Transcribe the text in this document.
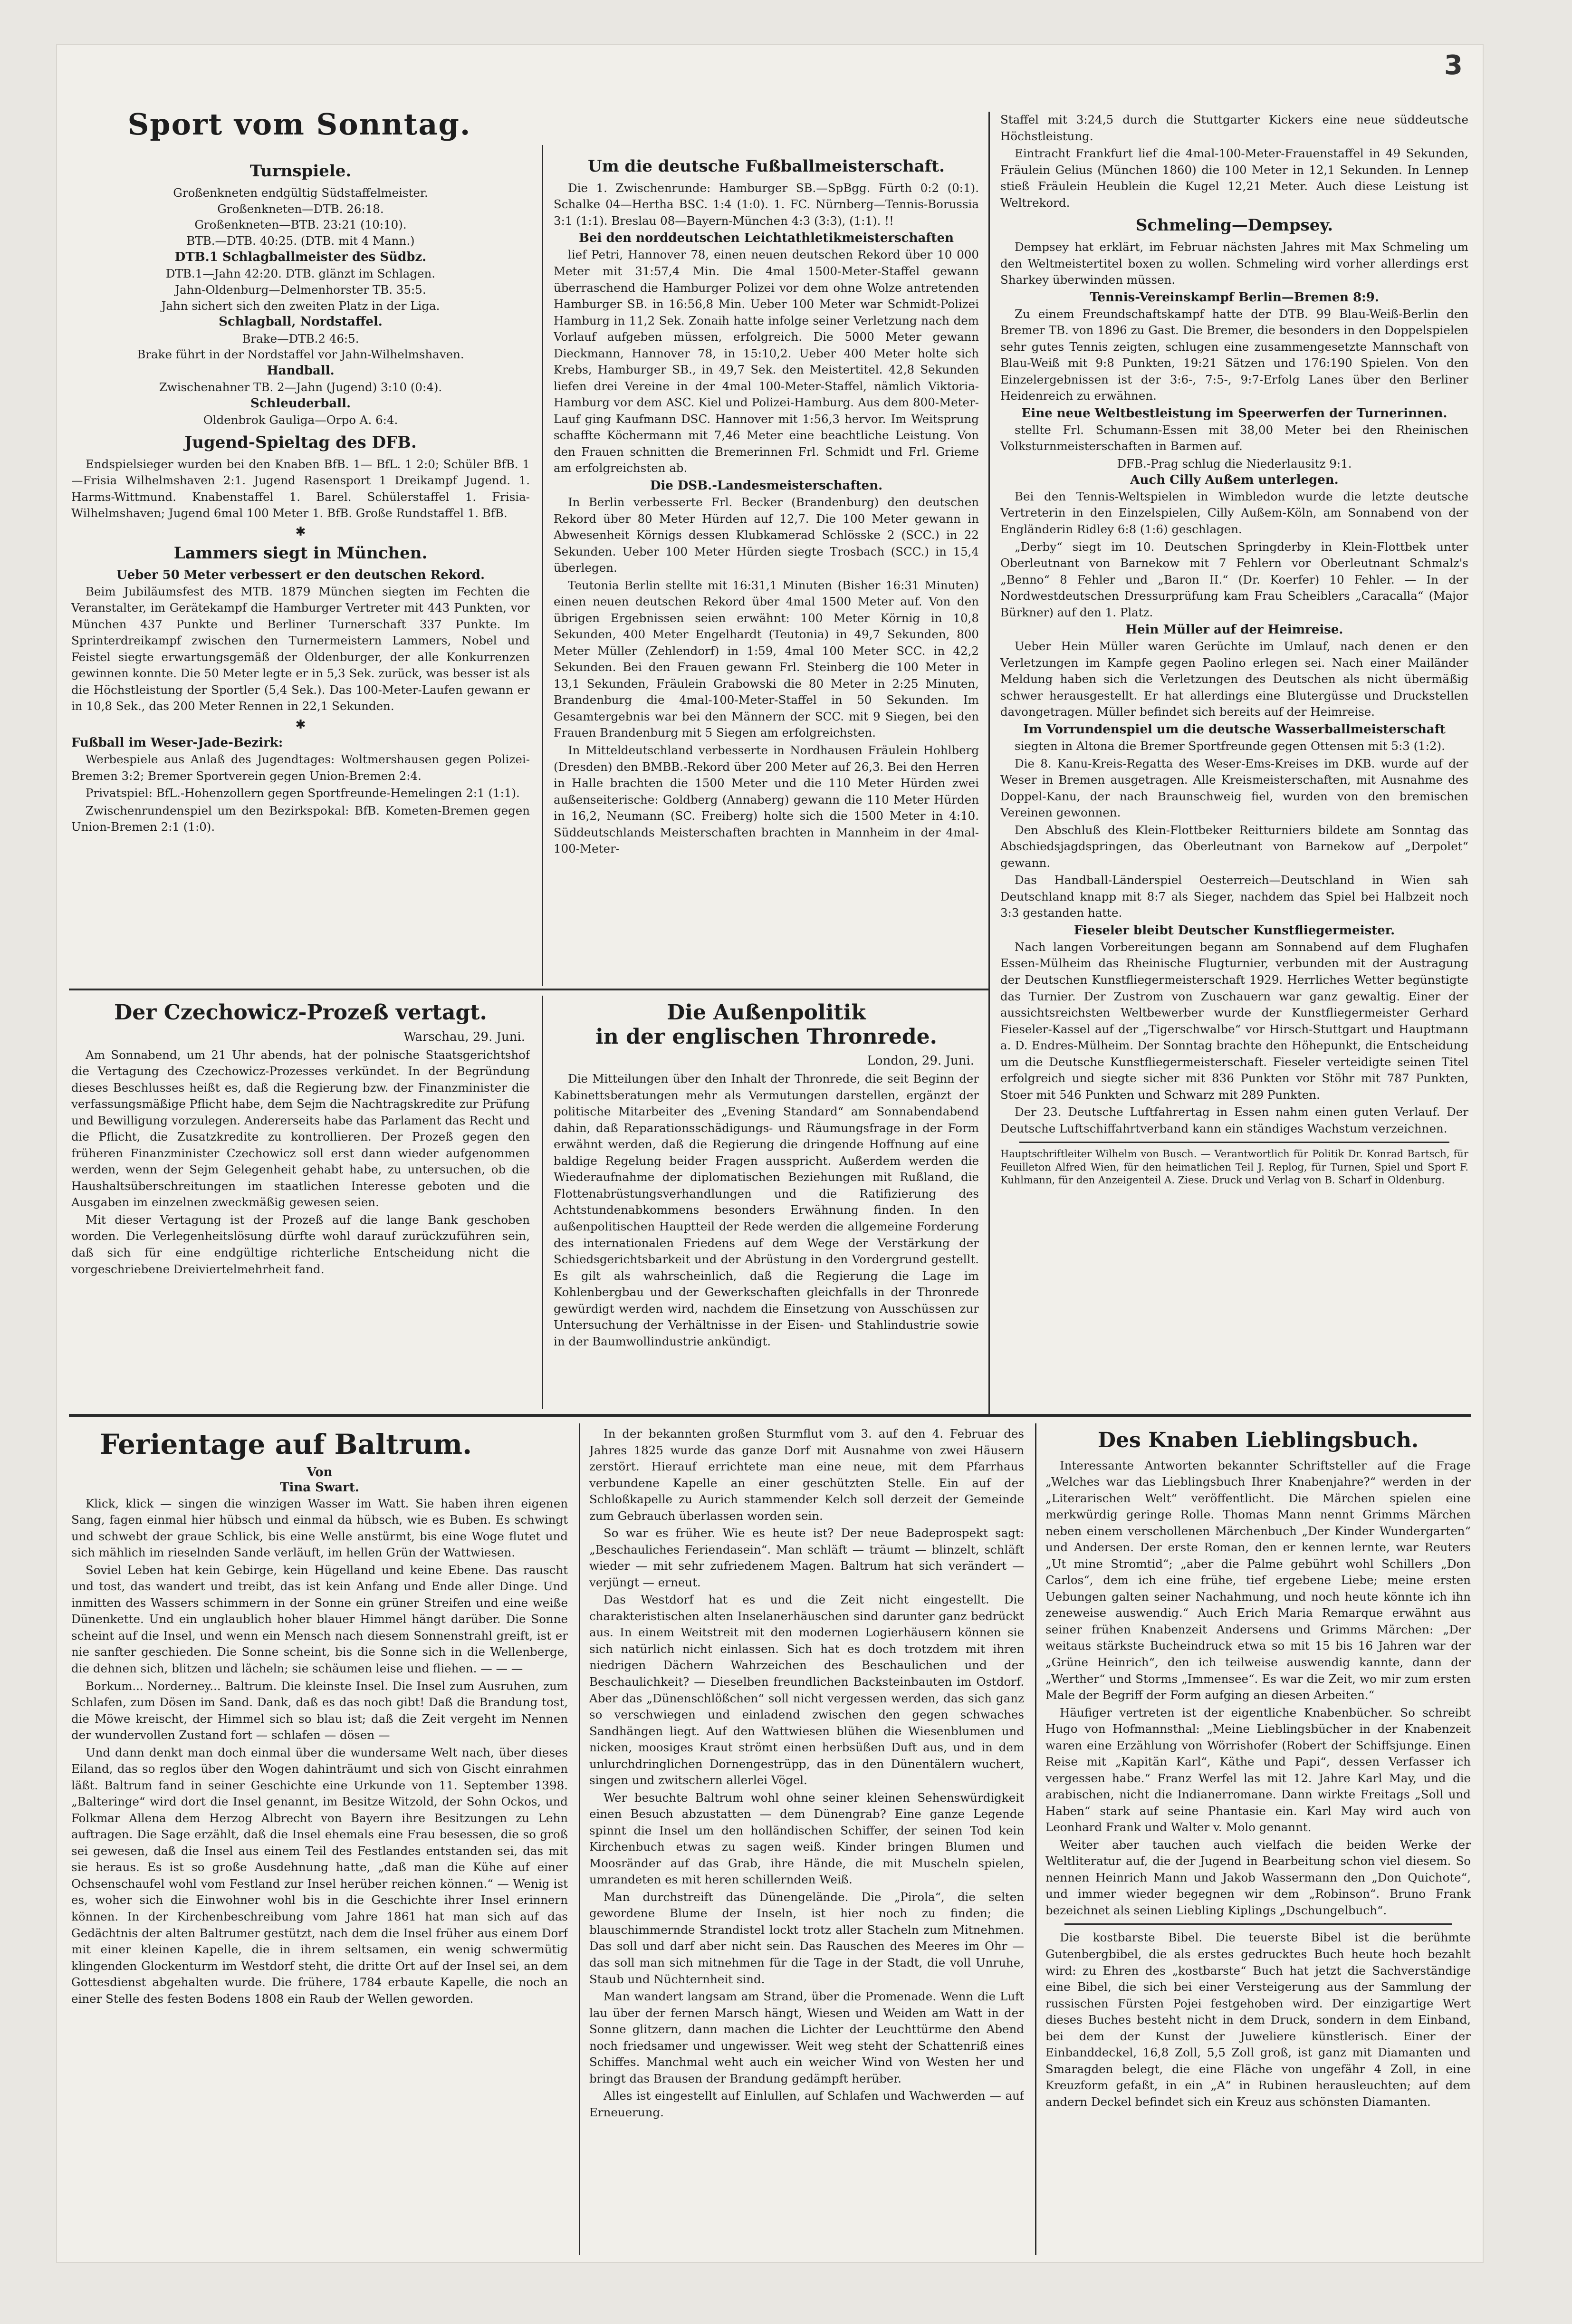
3
Sport vom Sonntag.
Turnspiele.
Großenkneten endgültig Südstaffelmeister.
Großenkneten—DTB. 26:18.
Großenkneten—BTB. 23:21 (10:10).
BTB.—DTB. 40:25. (DTB. mit 4 Mann.)
DTB.1 Schlagballmeister des Südbz.
DTB.1—Jahn 42:20. DTB. glänzt im Schlagen.
Jahn-Oldenburg—Delmenhorster TB. 35:5.
Jahn sichert sich den zweiten Platz in der Liga.
Schlagball, Nordstaffel.
Brake—DTB.2 46:5.
Brake führt in der Nordstaffel vor Jahn-Wilhelmshaven.
Handball.
Zwischenahner TB. 2—Jahn (Jugend) 3:10 (0:4).
Schleuderball.
Oldenbrok Gauliga—Orpo A. 6:4.
Jugend-Spieltag des DFB.

Endspielsieger wurden bei den Knaben BfB. 1— BfL. 1 2:0; Schüler BfB. 1—Frisia Wilhelmshaven 2:1. Jugend Rasensport 1 Dreikampf Jugend. 1. Harms-Wittmund. Knabenstaffel 1. Barel. Schülerstaffel 1. Frisia-Wilhelmshaven; Jugend 6mal 100 Meter 1. BfB. Große Rundstaffel 1. BfB.

✱
Lammers siegt in München.
Ueber 50 Meter verbessert er den deutschen Rekord.

Beim Jubiläumsfest des MTB. 1879 München siegten im Fechten die Veranstalter, im Gerätekampf die Hamburger Vertreter mit 443 Punkten, vor München 437 Punkte und Berliner Turnerschaft 337 Punkte. Im Sprinterdreikampf zwischen den Turnermeistern Lammers, Nobel und Feistel siegte erwartungsgemäß der Oldenburger, der alle Konkurrenzen gewinnen konnte. Die 50 Meter legte er in 5,3 Sek. zurück, was besser ist als die Höchstleistung der Sportler (5,4 Sek.). Das 100-Meter-Laufen gewann er in 10,8 Sek., das 200 Meter Rennen in 22,1 Sekunden.

✱
Fußball im Weser-Jade-Bezirk:

Werbespiele aus Anlaß des Jugendtages: Woltmershausen gegen Polizei-Bremen 3:2; Bremer Sportverein gegen Union-Bremen 2:4.

Privatspiel: BfL.-Hohenzollern gegen Sportfreunde-Hemelingen 2:1 (1:1).

Zwischenrundenspiel um den Bezirkspokal: BfB. Kometen-Bremen gegen Union-Bremen 2:1 (1:0).

Um die deutsche Fußballmeisterschaft.

Die 1. Zwischenrunde: Hamburger SB.—SpBgg. Fürth 0:2 (0:1). Schalke 04—Hertha BSC. 1:4 (1:0). 1. FC. Nürnberg—Tennis-Borussia 3:1 (1:1). Breslau 08—Bayern-München 4:3 (3:3), (1:1). !!

Bei den norddeutschen Leichtathletikmeisterschaften

lief Petri, Hannover 78, einen neuen deutschen Rekord über 10 000 Meter mit 31:57,4 Min. Die 4mal 1500-Meter-Staffel gewann überraschend die Hamburger Polizei vor dem ohne Wolze antretenden Hamburger SB. in 16:56,8 Min. Ueber 100 Meter war Schmidt-Polizei Hamburg in 11,2 Sek. Zonaih hatte infolge seiner Verletzung nach dem Vorlauf aufgeben müssen, erfolgreich. Die 5000 Meter gewann Dieckmann, Hannover 78, in 15:10,2. Ueber 400 Meter holte sich Krebs, Hamburger SB., in 49,7 Sek. den Meistertitel. 42,8 Sekunden liefen drei Vereine in der 4mal 100-Meter-Staffel, nämlich Viktoria-Hamburg vor dem ASC. Kiel und Polizei-Hamburg. Aus dem 800-Meter-Lauf ging Kaufmann DSC. Hannover mit 1:56,3 hervor. Im Weitsprung schaffte Köchermann mit 7,46 Meter eine beachtliche Leistung. Von den Frauen schnitten die Bremerinnen Frl. Schmidt und Frl. Grieme am erfolgreichsten ab.

Die DSB.-Landesmeisterschaften.

In Berlin verbesserte Frl. Becker (Brandenburg) den deutschen Rekord über 80 Meter Hürden auf 12,7. Die 100 Meter gewann in Abwesenheit Körnigs dessen Klubkamerad Schlösske 2 (SCC.) in 22 Sekunden. Ueber 100 Meter Hürden siegte Trosbach (SCC.) in 15,4 überlegen.

Teutonia Berlin stellte mit 16:31,1 Minuten (Bisher 16:31 Minuten) einen neuen deutschen Rekord über 4mal 1500 Meter auf. Von den übrigen Ergebnissen seien erwähnt: 100 Meter Körnig in 10,8 Sekunden, 400 Meter Engelhardt (Teutonia) in 49,7 Sekunden, 800 Meter Müller (Zehlendorf) in 1:59, 4mal 100 Meter SCC. in 42,2 Sekunden. Bei den Frauen gewann Frl. Steinberg die 100 Meter in 13,1 Sekunden, Fräulein Grabowski die 80 Meter in 2:25 Minuten, Brandenburg die 4mal-100-Meter-Staffel in 50 Sekunden. Im Gesamtergebnis war bei den Männern der SCC. mit 9 Siegen, bei den Frauen Brandenburg mit 5 Siegen am erfolgreichsten.

In Mitteldeutschland verbesserte in Nordhausen Fräulein Hohlberg (Dresden) den BMBB.-Rekord über 200 Meter auf 26,3. Bei den Herren in Halle brachten die 1500 Meter und die 110 Meter Hürden zwei außenseiterische: Goldberg (Annaberg) gewann die 110 Meter Hürden in 16,2, Neumann (SC. Freiberg) holte sich die 1500 Meter in 4:10. Süddeutschlands Meisterschaften brachten in Mannheim in der 4mal-100-Meter-

Staffel mit 3:24,5 durch die Stuttgarter Kickers eine neue süddeutsche Höchstleistung.

Eintracht Frankfurt lief die 4mal-100-Meter-Frauenstaffel in 49 Sekunden, Fräulein Gelius (München 1860) die 100 Meter in 12,1 Sekunden. In Lennep stieß Fräulein Heublein die Kugel 12,21 Meter. Auch diese Leistung ist Weltrekord.

Schmeling—Dempsey.

Dempsey hat erklärt, im Februar nächsten Jahres mit Max Schmeling um den Weltmeistertitel boxen zu wollen. Schmeling wird vorher allerdings erst Sharkey überwinden müssen.

Tennis-Vereinskampf Berlin—Bremen 8:9.

Zu einem Freundschaftskampf hatte der DTB. 99 Blau-Weiß-Berlin den Bremer TB. von 1896 zu Gast. Die Bremer, die besonders in den Doppelspielen sehr gutes Tennis zeigten, schlugen eine zusammengesetzte Mannschaft von Blau-Weiß mit 9:8 Punkten, 19:21 Sätzen und 176:190 Spielen. Von den Einzelergebnissen ist der 3:6-, 7:5-, 9:7-Erfolg Lanes über den Berliner Heidenreich zu erwähnen.

Eine neue Weltbestleistung im Speerwerfen der Turnerinnen.

stellte Frl. Schumann-Essen mit 38,00 Meter bei den Rheinischen Volksturnmeisterschaften in Barmen auf.

DFB.-Prag schlug die Niederlausitz 9:1.
Auch Cilly Außem unterlegen.

Bei den Tennis-Weltspielen in Wimbledon wurde die letzte deutsche Vertreterin in den Einzelspielen, Cilly Außem-Köln, am Sonnabend von der Engländerin Ridley 6:8 (1:6) geschlagen.

„Derby“ siegt im 10. Deutschen Springderby in Klein-Flottbek unter Oberleutnant von Barnekow mit 7 Fehlern vor Oberleutnant Schmalz's „Benno“ 8 Fehler und „Baron II.“ (Dr. Koerfer) 10 Fehler. — In der Nordwestdeutschen Dressurprüfung kam Frau Scheiblers „Caracalla“ (Major Bürkner) auf den 1. Platz.

Hein Müller auf der Heimreise.

Ueber Hein Müller waren Gerüchte im Umlauf, nach denen er den Verletzungen im Kampfe gegen Paolino erlegen sei. Nach einer Mailänder Meldung haben sich die Verletzungen des Deutschen als nicht übermäßig schwer herausgestellt. Er hat allerdings eine Blutergüsse und Druckstellen davongetragen. Müller befindet sich bereits auf der Heimreise.

Im Vorrundenspiel um die deutsche Wasserballmeisterschaft

siegten in Altona die Bremer Sportfreunde gegen Ottensen mit 5:3 (1:2).

Die 8. Kanu-Kreis-Regatta des Weser-Ems-Kreises im DKB. wurde auf der Weser in Bremen ausgetragen. Alle Kreismeisterschaften, mit Ausnahme des Doppel-Kanu, der nach Braunschweig fiel, wurden von den bremischen Vereinen gewonnen.

Den Abschluß des Klein-Flottbeker Reitturniers bildete am Sonntag das Abschiedsjagdspringen, das Oberleutnant von Barnekow auf „Derpolet“ gewann.

Das Handball-Länderspiel Oesterreich—Deutschland in Wien sah Deutschland knapp mit 8:7 als Sieger, nachdem das Spiel bei Halbzeit noch 3:3 gestanden hatte.

Fieseler bleibt Deutscher Kunstfliegermeister.

Nach langen Vorbereitungen begann am Sonnabend auf dem Flughafen Essen-Mülheim das Rheinische Flugturnier, verbunden mit der Austragung der Deutschen Kunstfliegermeisterschaft 1929. Herrliches Wetter begünstigte das Turnier. Der Zustrom von Zuschauern war ganz gewaltig. Einer der aussichtsreichsten Weltbewerber wurde der Kunstfliegermeister Gerhard Fieseler-Kassel auf der „Tigerschwalbe“ vor Hirsch-Stuttgart und Hauptmann a. D. Endres-Mülheim. Der Sonntag brachte den Höhepunkt, die Entscheidung um die Deutsche Kunstfliegermeisterschaft. Fieseler verteidigte seinen Titel erfolgreich und siegte sicher mit 836 Punkten vor Stöhr mit 787 Punkten, Stoer mit 546 Punkten und Schwarz mit 289 Punkten.

Der 23. Deutsche Luftfahrertag in Essen nahm einen guten Verlauf. Der Deutsche Luftschiffahrtverband kann ein ständiges Wachstum verzeichnen.

Hauptschriftleiter Wilhelm von Busch. — Verantwortlich für Politik Dr. Konrad Bartsch, für Feuilleton Alfred Wien, für den heimatlichen Teil J. Replog, für Turnen, Spiel und Sport F. Kuhlmann, für den Anzeigenteil A. Ziese. Druck und Verlag von B. Scharf in Oldenburg.

Der Czechowicz-Prozeß vertagt.
Warschau, 29. Juni.

Am Sonnabend, um 21 Uhr abends, hat der polnische Staatsgerichtshof die Vertagung des Czechowicz-Prozesses verkündet. In der Begründung dieses Beschlusses heißt es, daß die Regierung bzw. der Finanzminister die verfassungsmäßige Pflicht habe, dem Sejm die Nachtragskredite zur Prüfung und Bewilligung vorzulegen. Andererseits habe das Parlament das Recht und die Pflicht, die Zusatzkredite zu kontrollieren. Der Prozeß gegen den früheren Finanzminister Czechowicz soll erst dann wieder aufgenommen werden, wenn der Sejm Gelegenheit gehabt habe, zu untersuchen, ob die Haushaltsüberschreitungen im staatlichen Interesse geboten und die Ausgaben im einzelnen zweckmäßig gewesen seien.

Mit dieser Vertagung ist der Prozeß auf die lange Bank geschoben worden. Die Verlegenheitslösung dürfte wohl darauf zurückzuführen sein, daß sich für eine endgültige richterliche Entscheidung nicht die vorgeschriebene Dreiviertelmehrheit fand.

Die Außenpolitik
in der englischen Thronrede.
London, 29. Juni.

Die Mitteilungen über den Inhalt der Thronrede, die seit Beginn der Kabinettsberatungen mehr als Vermutungen darstellen, ergänzt der politische Mitarbeiter des „Evening Standard“ am Sonnabendabend dahin, daß Reparationsschädigungs- und Räumungsfrage in der Form erwähnt werden, daß die Regierung die dringende Hoffnung auf eine baldige Regelung beider Fragen ausspricht. Außerdem werden die Wiederaufnahme der diplomatischen Beziehungen mit Rußland, die Flottenabrüstungsverhandlungen und die Ratifizierung des Achtstundenabkommens besonders Erwähnung finden. In den außenpolitischen Hauptteil der Rede werden die allgemeine Forderung des internationalen Friedens auf dem Wege der Verstärkung der Schiedsgerichtsbarkeit und der Abrüstung in den Vordergrund gestellt. Es gilt als wahrscheinlich, daß die Regierung die Lage im Kohlenbergbau und der Gewerkschaften gleichfalls in der Thronrede gewürdigt werden wird, nachdem die Einsetzung von Ausschüssen zur Untersuchung der Verhältnisse in der Eisen- und Stahlindustrie sowie in der Baumwollindustrie ankündigt.

Ferientage auf Baltrum.
Von
Tina Swart.

Klick, klick — singen die winzigen Wasser im Watt. Sie haben ihren eigenen Sang, fagen einmal hier hübsch und einmal da hübsch, wie es Buben. Es schwingt und schwebt der graue Schlick, bis eine Welle anstürmt, bis eine Woge flutet und sich mählich im rieselnden Sande verläuft, im hellen Grün der Wattwiesen.

Soviel Leben hat kein Gebirge, kein Hügelland und keine Ebene. Das rauscht und tost, das wandert und treibt, das ist kein Anfang und Ende aller Dinge. Und inmitten des Wassers schimmern in der Sonne ein grüner Streifen und eine weiße Dünenkette. Und ein unglaublich hoher blauer Himmel hängt darüber. Die Sonne scheint auf die Insel, und wenn ein Mensch nach diesem Sonnenstrahl greift, ist er nie sanfter geschieden. Die Sonne scheint, bis die Sonne sich in die Wellenberge, die dehnen sich, blitzen und lächeln; sie schäumen leise und fliehen. — — —

Borkum... Norderney... Baltrum. Die kleinste Insel. Die Insel zum Ausruhen, zum Schlafen, zum Dösen im Sand. Dank, daß es das noch gibt! Daß die Brandung tost, die Möwe kreischt, der Himmel sich so blau ist; daß die Zeit vergeht im Nennen der wundervollen Zustand fort — schlafen — dösen —

Und dann denkt man doch einmal über die wundersame Welt nach, über dieses Eiland, das so reglos über den Wogen dahinträumt und sich von Gischt einrahmen läßt. Baltrum fand in seiner Geschichte eine Urkunde von 11. September 1398. „Balteringe“ wird dort die Insel genannt, im Besitze Witzold, der Sohn Ockos, und Folkmar Allena dem Herzog Albrecht von Bayern ihre Besitzungen zu Lehn auftragen. Die Sage erzählt, daß die Insel ehemals eine Frau besessen, die so groß sei gewesen, daß die Insel aus einem Teil des Festlandes entstanden sei, das mit sie heraus. Es ist so große Ausdehnung hatte, „daß man die Kühe auf einer Ochsenschaufel wohl vom Festland zur Insel herüber reichen können.“ — Wenig ist es, woher sich die Einwohner wohl bis in die Geschichte ihrer Insel erinnern können. In der Kirchenbeschreibung vom Jahre 1861 hat man sich auf das Gedächtnis der alten Baltrumer gestützt, nach dem die Insel früher aus einem Dorf mit einer kleinen Kapelle, die in ihrem seltsamen, ein wenig schwermütig klingenden Glockenturm im Westdorf steht, die dritte Ort auf der Insel sei, an dem Gottesdienst abgehalten wurde. Die frühere, 1784 erbaute Kapelle, die noch an einer Stelle des festen Bodens 1808 ein Raub der Wellen geworden.

In der bekannten großen Sturmflut vom 3. auf den 4. Februar des Jahres 1825 wurde das ganze Dorf mit Ausnahme von zwei Häusern zerstört. Hierauf errichtete man eine neue, mit dem Pfarrhaus verbundene Kapelle an einer geschützten Stelle. Ein auf der Schloßkapelle zu Aurich stammender Kelch soll derzeit der Gemeinde zum Gebrauch überlassen worden sein.

So war es früher. Wie es heute ist? Der neue Badeprospekt sagt: „Beschauliches Feriendasein“. Man schläft — träumt — blinzelt, schläft wieder — mit sehr zufriedenem Magen. Baltrum hat sich verändert — verjüngt — erneut.

Das Westdorf hat es und die Zeit nicht eingestellt. Die charakteristischen alten Inselanerhäuschen sind darunter ganz bedrückt aus. In einem Weitstreit mit den modernen Logierhäusern können sie sich natürlich nicht einlassen. Sich hat es doch trotzdem mit ihren niedrigen Dächern Wahrzeichen des Beschaulichen und der Beschaulichkeit? — Dieselben freundlichen Backsteinbauten im Ostdorf. Aber das „Dünenschlößchen“ soll nicht vergessen werden, das sich ganz so verschwiegen und einladend zwischen den gegen schwaches Sandhängen liegt. Auf den Wattwiesen blühen die Wiesenblumen und nicken, moosiges Kraut strömt einen herbsüßen Duft aus, und in dem unlurchdringlichen Dornengestrüpp, das in den Dünentälern wuchert, singen und zwitschern allerlei Vögel.

Wer besuchte Baltrum wohl ohne seiner kleinen Sehenswürdigkeit einen Besuch abzustatten — dem Dünengrab? Eine ganze Legende spinnt die Insel um den holländischen Schiffer, der seinen Tod kein Kirchenbuch etwas zu sagen weiß. Kinder bringen Blumen und Moosränder auf das Grab, ihre Hände, die mit Muscheln spielen, umrandeten es mit heren schillernden Weiß.

Man durchstreift das Dünengelände. Die „Pirola“, die selten gewordene Blume der Inseln, ist hier noch zu finden; die blauschimmernde Strandistel lockt trotz aller Stacheln zum Mitnehmen. Das soll und darf aber nicht sein. Das Rauschen des Meeres im Ohr — das soll man sich mitnehmen für die Tage in der Stadt, die voll Unruhe, Staub und Nüchternheit sind.

Man wandert langsam am Strand, über die Promenade. Wenn die Luft lau über der fernen Marsch hängt, Wiesen und Weiden am Watt in der Sonne glitzern, dann machen die Lichter der Leuchttürme den Abend noch friedsamer und ungewisser. Weit weg steht der Schattenriß eines Schiffes. Manchmal weht auch ein weicher Wind von Westen her und bringt das Brausen der Brandung gedämpft herüber.

Alles ist eingestellt auf Einlullen, auf Schlafen und Wachwerden — auf Erneuerung.

Des Knaben Lieblingsbuch.

Interessante Antworten bekannter Schriftsteller auf die Frage „Welches war das Lieblingsbuch Ihrer Knabenjahre?“ werden in der „Literarischen Welt“ veröffentlicht. Die Märchen spielen eine merkwürdig geringe Rolle. Thomas Mann nennt Grimms Märchen neben einem verschollenen Märchenbuch „Der Kinder Wundergarten“ und Andersen. Der erste Roman, den er kennen lernte, war Reuters „Ut mine Stromtid“; „aber die Palme gebührt wohl Schillers „Don Carlos“, dem ich eine frühe, tief ergebene Liebe; meine ersten Uebungen galten seiner Nachahmung, und noch heute könnte ich ihn zeneweise auswendig.“ Auch Erich Maria Remarque erwähnt aus seiner frühen Knabenzeit Andersens und Grimms Märchen: „Der weitaus stärkste Bucheindruck etwa so mit 15 bis 16 Jahren war der „Grüne Heinrich“, den ich teilweise auswendig kannte, dann der „Werther“ und Storms „Immensee“. Es war die Zeit, wo mir zum ersten Male der Begriff der Form aufging an diesen Arbeiten.“

Häufiger vertreten ist der eigentliche Knabenbücher. So schreibt Hugo von Hofmannsthal: „Meine Lieblingsbücher in der Knabenzeit waren eine Erzählung von Wörrishofer (Robert der Schiffsjunge. Einen Reise mit „Kapitän Karl“, Käthe und Papi“, dessen Verfasser ich vergessen habe.“ Franz Werfel las mit 12. Jahre Karl May, und die arabischen, nicht die Indianerromane. Dann wirkte Freitags „Soll und Haben“ stark auf seine Phantasie ein. Karl May wird auch von Leonhard Frank und Walter v. Molo genannt.

Weiter aber tauchen auch vielfach die beiden Werke der Weltliteratur auf, die der Jugend in Bearbeitung schon viel diesem. So nennen Heinrich Mann und Jakob Wassermann den „Don Quichote“, und immer wieder begegnen wir dem „Robinson“. Bruno Frank bezeichnet als seinen Liebling Kiplings „Dschungelbuch“.

Die kostbarste Bibel. Die teuerste Bibel ist die berühmte Gutenbergbibel, die als erstes gedrucktes Buch heute hoch bezahlt wird: zu Ehren des „kostbarste“ Buch hat jetzt die Sachverständige eine Bibel, die sich bei einer Versteigerung aus der Sammlung der russischen Fürsten Pojei festgehoben wird. Der einzigartige Wert dieses Buches besteht nicht in dem Druck, sondern in dem Einband, bei dem der Kunst der Juweliere künstlerisch. Einer der Einbanddeckel, 16,8 Zoll, 5,5 Zoll groß, ist ganz mit Diamanten und Smaragden belegt, die eine Fläche von ungefähr 4 Zoll, in eine Kreuzform gefaßt, in ein „A“ in Rubinen herausleuchten; auf dem andern Deckel befindet sich ein Kreuz aus schönsten Diamanten.
